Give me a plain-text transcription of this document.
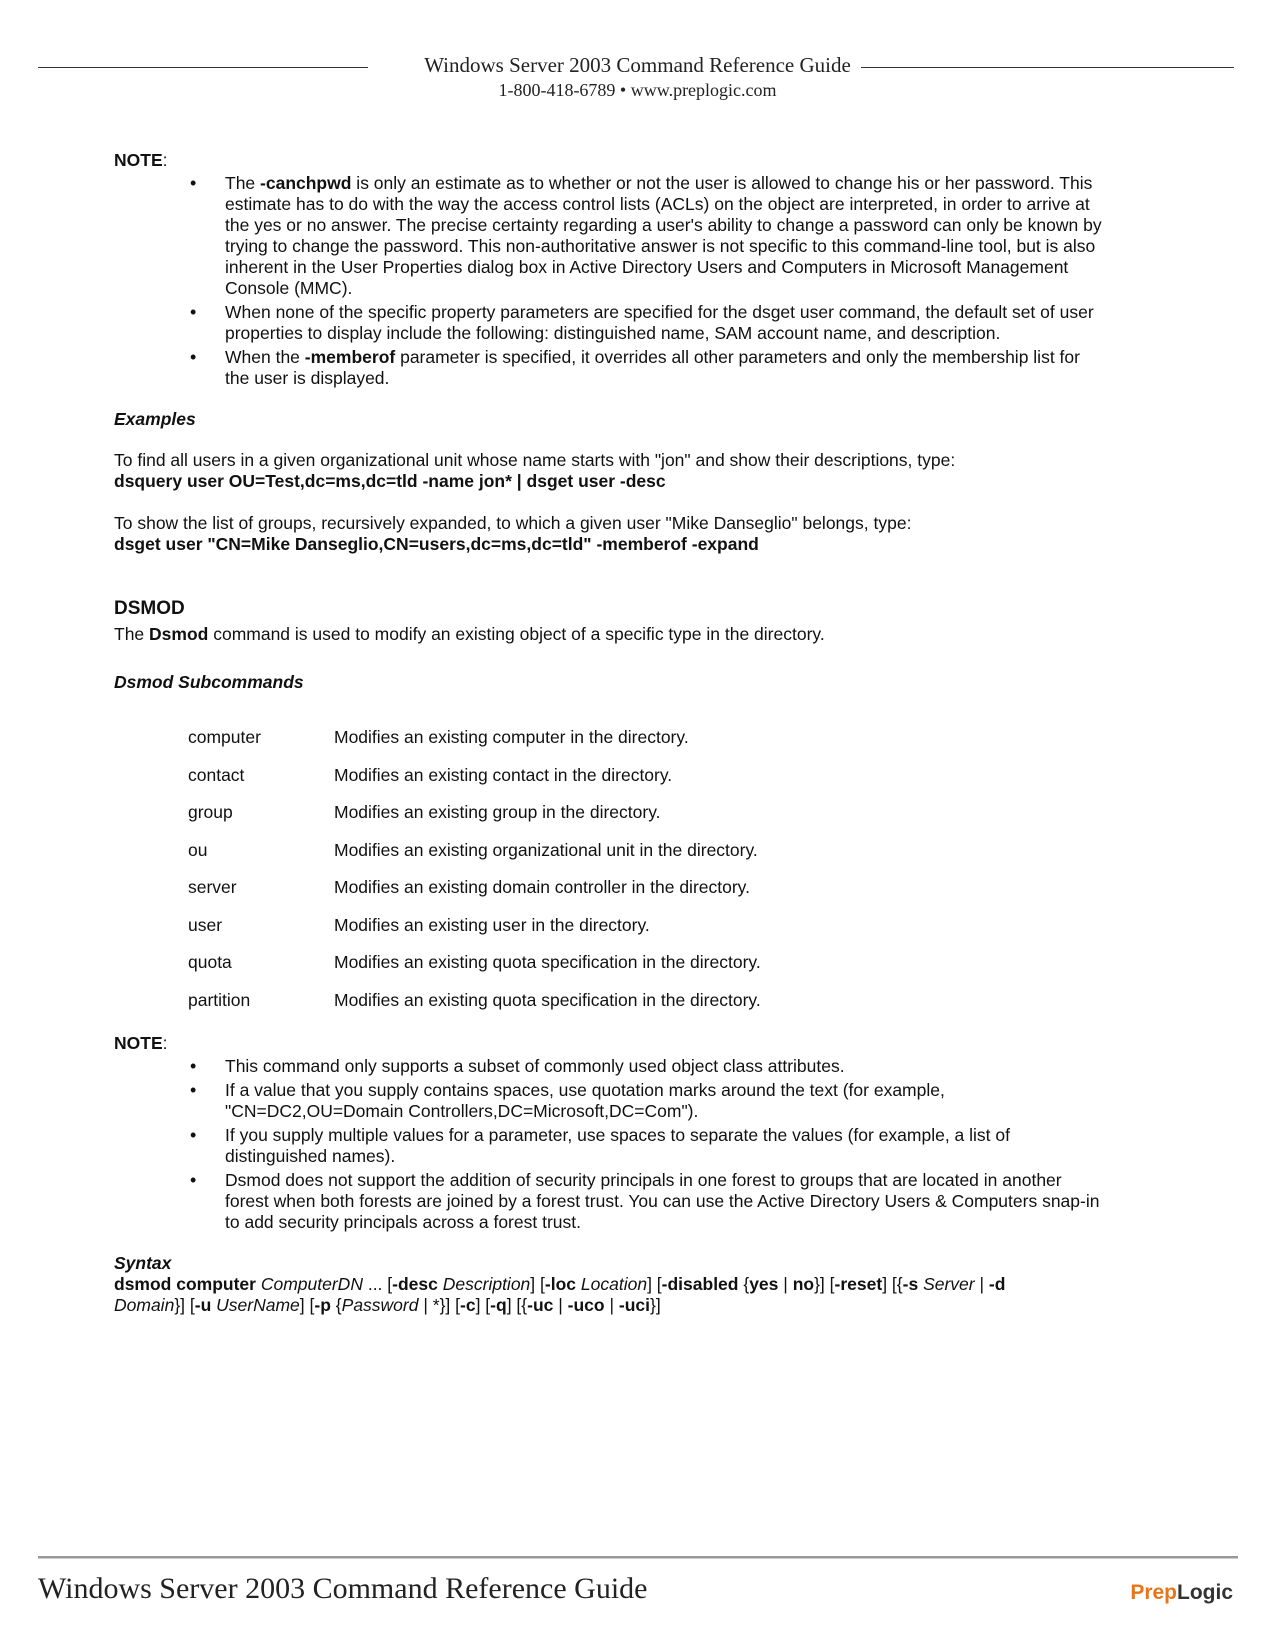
Windows Server 2003 Command Reference Guide
1-800-418-6789 • www.preplogic.com

NOTE:

• The -canchpwd is only an estimate as to whether or not the user is allowed to change his or her password. This estimate has to do with the way the access control lists (ACLs) on the object are interpreted, in order to arrive at the yes or no answer. The precise certainty regarding a user's ability to change a password can only be known by trying to change the password. This non-authoritative answer is not specific to this command-line tool, but is also inherent in the User Properties dialog box in Active Directory Users and Computers in Microsoft Management Console (MMC).
• When none of the specific property parameters are specified for the dsget user command, the default set of user properties to display include the following: distinguished name, SAM account name, and description.
• When the -memberof parameter is specified, it overrides all other parameters and only the membership list for the user is displayed.

Examples

To find all users in a given organizational unit whose name starts with "jon" and show their descriptions, type:

dsquery user OU=Test,dc=ms,dc=tld -name jon* | dsget user -desc

To show the list of groups, recursively expanded, to which a given user "Mike Danseglio" belongs, type:

dsget user "CN=Mike Danseglio,CN=users,dc=ms,dc=tld" -memberof -expand

DSMOD

The Dsmod command is used to modify an existing object of a specific type in the directory.

Dsmod Subcommands

computer	Modifies an existing computer in the directory.
contact	Modifies an existing contact in the directory.
group	Modifies an existing group in the directory.
ou	Modifies an existing organizational unit in the directory.
server	Modifies an existing domain controller in the directory.
user	Modifies an existing user in the directory.
quota	Modifies an existing quota specification in the directory.
partition	Modifies an existing quota specification in the directory.

NOTE:

• This command only supports a subset of commonly used object class attributes.
• If a value that you supply contains spaces, use quotation marks around the text (for example, "CN=DC2,OU=Domain Controllers,DC=Microsoft,DC=Com").
• If you supply multiple values for a parameter, use spaces to separate the values (for example, a list of distinguished names).
• Dsmod does not support the addition of security principals in one forest to groups that are located in another forest when both forests are joined by a forest trust. You can use the Active Directory Users & Computers snap-in to add security principals across a forest trust.

Syntax

dsmod computer ComputerDN ... [-desc Description] [-loc Location] [-disabled {yes | no}] [-reset] [{-s Server | -d Domain}] [-u UserName] [-p {Password | *}] [-c] [-q] [{-uc | -uco | -uci}]

Windows Server 2003 Command Reference Guide	PrepLogic
